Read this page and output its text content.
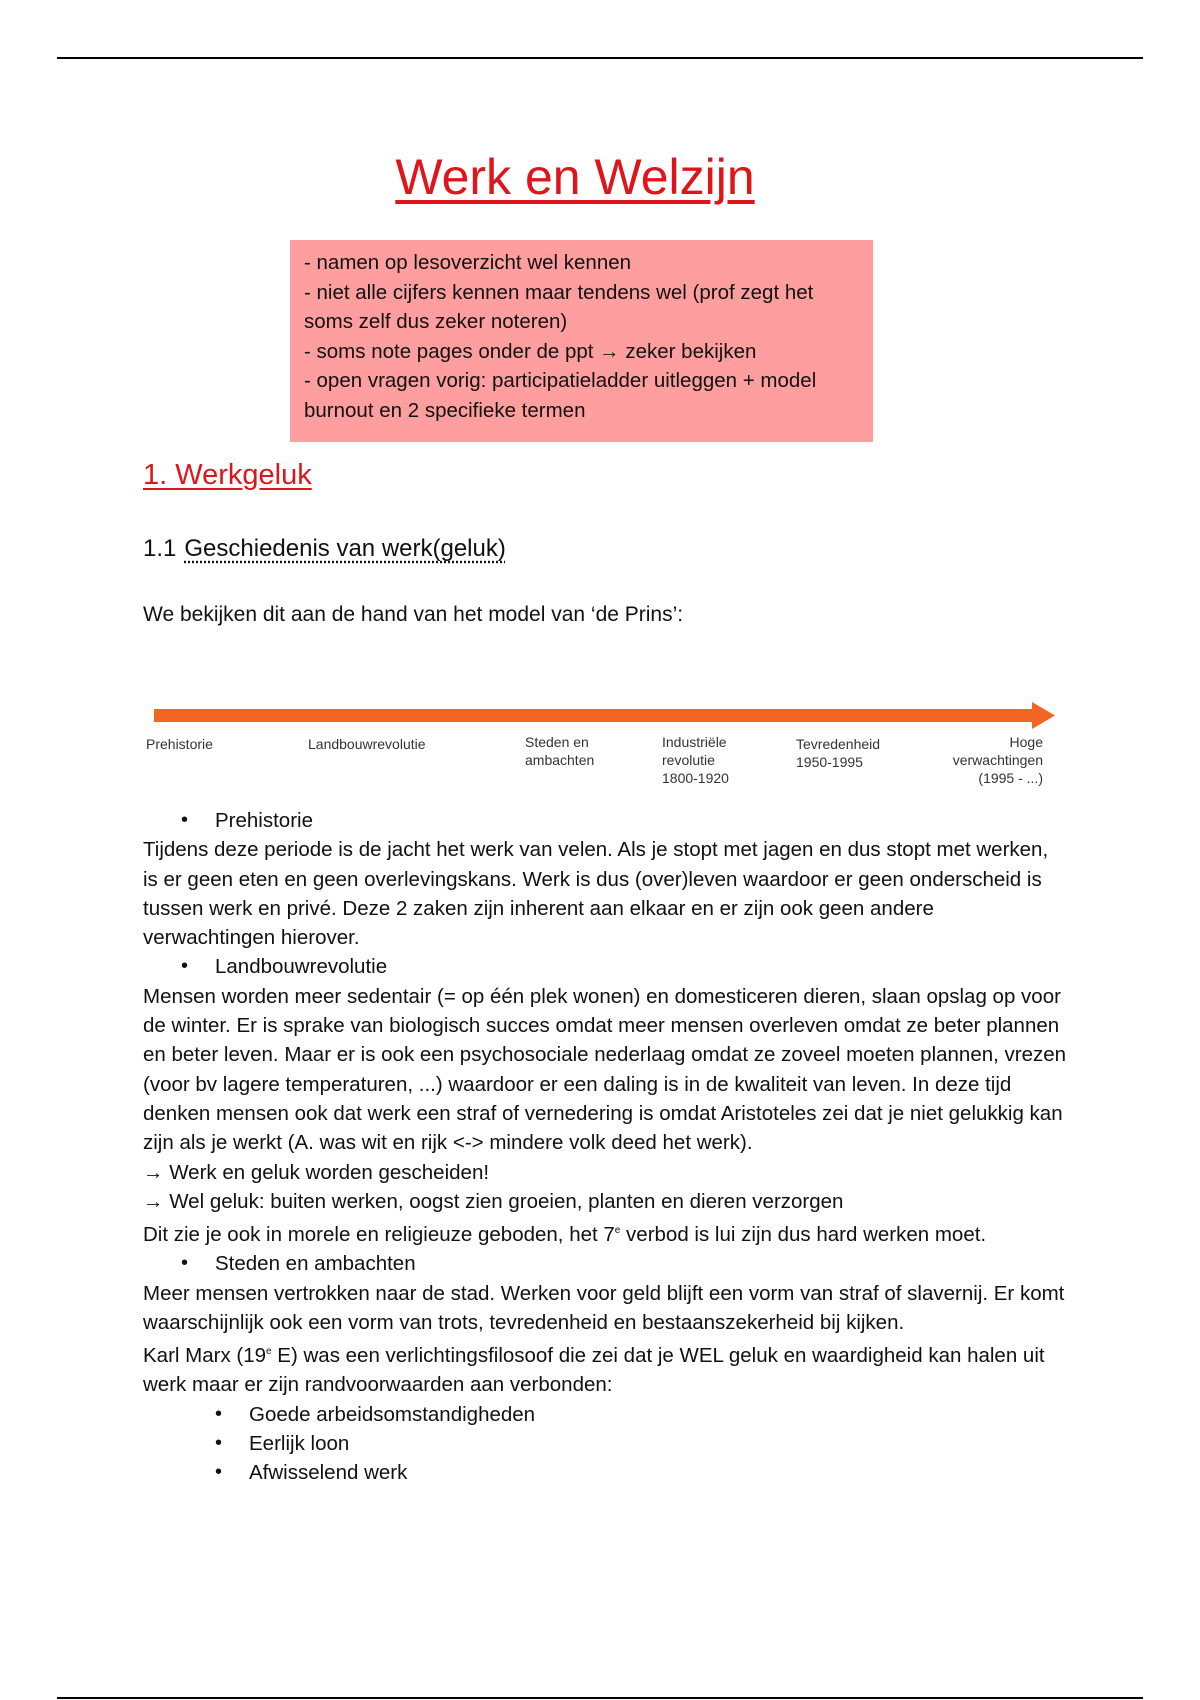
Werk en Welzijn
- namen op lesoverzicht wel kennen
- niet alle cijfers kennen maar tendens wel (prof zegt het soms zelf dus zeker noteren)
- soms note pages onder de ppt → zeker bekijken
- open vragen vorig: participatieladder uitleggen + model burnout en 2 specifieke termen
1. Werkgeluk
1.1 Geschiedenis van werk(geluk)
We bekijken dit aan de hand van het model van ‘de Prins’:
Prehistorie	Landbouwrevolutie	Steden en
ambachten
Industriële
revolutie
1800-1920
Tevredenheid
1950-1995
Hoge
verwachtingen
(1995 - ...)
• Prehistorie

Tijdens deze periode is de jacht het werk van velen. Als je stopt met jagen en dus stopt met werken, is er geen eten en geen overlevingskans. Werk is dus (over)leven waardoor er geen onderscheid is tussen werk en privé. Deze 2 zaken zijn inherent aan elkaar en er zijn ook geen andere verwachtingen hierover.

• Landbouwrevolutie

Mensen worden meer sedentair (= op één plek wonen) en domesticeren dieren, slaan opslag op voor de winter. Er is sprake van biologisch succes omdat meer mensen overleven omdat ze beter plannen en beter leven. Maar er is ook een psychosociale nederlaag omdat ze zoveel moeten plannen, vrezen (voor bv lagere temperaturen, ...) waardoor er een daling is in de kwaliteit van leven. In deze tijd denken mensen ook dat werk een straf of vernedering is omdat Aristoteles zei dat je niet gelukkig kan zijn als je werkt (A. was wit en rijk <-> mindere volk deed het werk).

→ Werk en geluk worden gescheiden!

→ Wel geluk: buiten werken, oogst zien groeien, planten en dieren verzorgen

Dit zie je ook in morele en religieuze geboden, het 7e verbod is lui zijn dus hard werken moet.

• Steden en ambachten

Meer mensen vertrokken naar de stad. Werken voor geld blijft een vorm van straf of slavernij. Er komt waarschijnlijk ook een vorm van trots, tevredenheid en bestaanszekerheid bij kijken.

Karl Marx (19e E) was een verlichtingsfilosoof die zei dat je WEL geluk en waardigheid kan halen uit werk maar er zijn randvoorwaarden aan verbonden:

• Goede arbeidsomstandigheden
• Eerlijk loon
• Afwisselend werk
